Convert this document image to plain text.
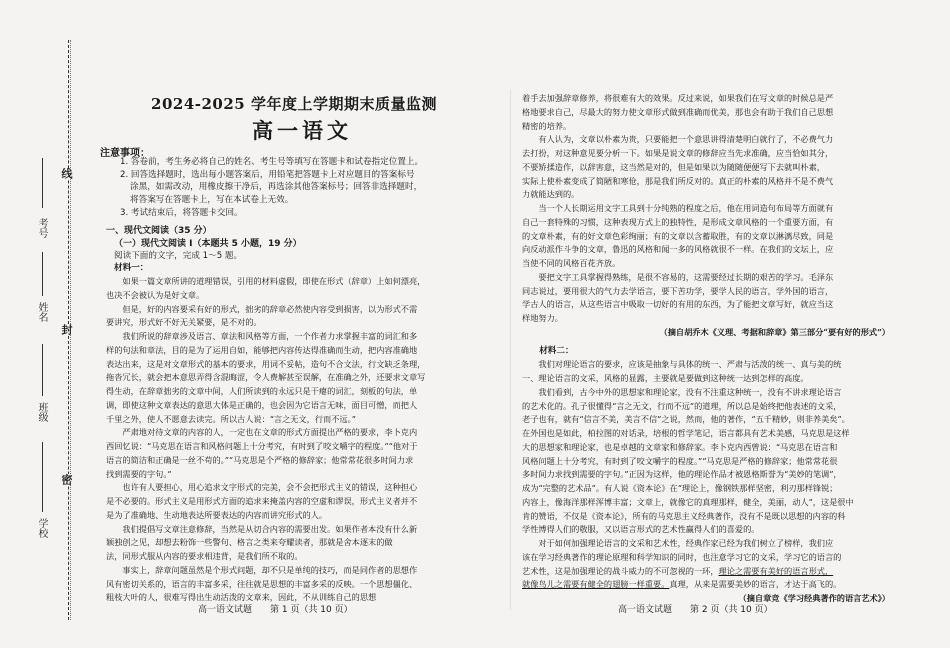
线
考号
姓名
封
班级
密
学校
2024-2025 学年度上学期期末质量监测
高一语文
注意事项：

1. 答卷前，考生务必将自己的姓名、考生号等填写在答题卡和试卷指定位置上。

2. 回答选择题时，选出每小题答案后，用铅笔把答题卡上对应题目的答案标号

涂黑，如需改动，用橡皮擦干净后，再选涂其他答案标号；回答非选择题时，

将答案写在答题卡上，写在本试卷上无效。

3. 考试结束后，将答题卡交回。

一、现代文阅读（35 分）
（一）现代文阅读 I（本题共 5 小题，19 分）
阅读下面的文字，完成 1～5 题。
材料一：

如果一篇文章所讲的道理错误，引用的材料虚假，即使在形式（辞章）上如何漂亮，

也决不会被认为是好文章。

但是，好的内容要采有好的形式，拙劣的辞章必然使内容受到损害，以为形式不需

要讲究，形式好不好无关紧要，是不对的。

我们所说的辞章涉及语言、章法和风格等方面，一个作者力求掌握丰富的词汇和多

样的句法和章法，目的是为了运用自如，能够把内容传达得准确而生动，把内容准确地

表达出来，这是对文章形式的基本的要求，用词不妥帖，造句不合文法，行文缺乏条理，

拖沓冗长，就会把本意思弄得含混晦涩，令人费解甚至误解，在准确之外，还要求文章写

得生动，在辞章拙劣的文章中间，人们所读到的永远只是干瘪的词汇，刻板的句法，单

调，即使这种文章表达的意思大体是正确的，也会因为它语言无味，面目可憎，而把人

千里之外，使人不愿意去读完。所以古人说：“言之无文，行而不远。”

严肃地对待文章的内容的人，一定也在文章的形式方面提出严格的要求，李卜克内

西回忆说：“马克思在语言和风格问题上十分考究，有时到了咬文嚼字的程度。”“他对于

语言的简洁和正确是一丝不苟的。”“马克思是个严格的修辞家；他常常花很多时间力求

找到需要的字句。”

也许有人要担心，用心追求文字形式的完美，会不会把形式主义的错误，这种担心

是不必要的。形式主义是用形式方面的追求来掩盖内容的空虚和谬误，形式主义者并不

是为了准确地、生动地表达所要表达的内容而讲究形式的人。

我们提倡写文章注意修辞，当然是从切合内容的需要出发。如果作者本没有什么新

颖独创之见，却想去粉饰一些警句、格言之类来夸耀读者，那就是舍本逐末的做

法，同形式服从内容的要求相违背，是我们所不取的。

事实上，辞章问题虽然是个形式问题，却不只是单纯的技巧，而是同作者的思想作

风有密切关系的，语言的丰富多采，往往就是思想的丰富多采的反映。一个思想僵化、

粗枝大叶的人，很难写得出生动活泼的文章来，因此，不从训练自己的思想

高一语文试题　　第 1 页（共 10 页）

着手去加强辞章修养，将很难有大的效果。反过来说，如果我们在写文章的时候总是严

格地要求自己，尽最大的努力使文章形式做到准确而优美，那也会有助于我们自己思想

精密的培养。

有人认为，文章以朴素为贵，只要能把一个意思讲得清楚明白就行了，不必费气力

去打扮，对这种意见要分析一下。如果是说文章的修辞应当先求准确，应当恰如其分，

不要矫揉造作，以辞害意，这当然是对的，但是如果以为随随便便写下去就叫朴素，

实际上使朴素变成了简陋和寒伧，那是我们所反对的。真正的朴素的风格并不是不费气

力就能达到的。

当一个人长期运用文字工具到十分纯熟的程度之后，他在用词造句布局等方面就有

自己一套特殊的习惯，这种表现方式上的独特性，是形成文章风格的一个重要方面，有

的文章朴素，有的好文章色彩绚丽；有的文章以含蓄取胜，有的文章以淋漓尽致，同是

向反动派作斗争的文章，鲁迅的风格和闻一多的风格就很不一样。在我们的文坛上，应

当使不同的风格百花齐放。

要把文字工具掌握得熟练，是很不容易的，这需要经过长期的艰苦的学习。毛泽东

同志说过，要用很大的气力去学语言，要下苦功学，要学人民的语言，学外国的语言，

学古人的语言，从这些语言中吸取一切好的有用的东西，为了能把文章写好，就应当这

样地努力。

（摘自胡乔木《义理、考据和辞章》第三部分“要有好的形式”）

材料二：

我们对理论语言的要求，应该是抽象与具体的统一、严肃与活泼的统一、真与美的统

一、理论语言的文采，风格的显露，主要就是要做到这种统一达到怎样的高度。

我们看到，古今中外的思想家和理论家，没有不注重这种统一，没有不讲求理论语言

的艺术化的。孔子很懂得“言之无文，行而不远”的道理，所以总是始终把他表述的文采，

老子也有，就有“信言不美，美言不信”之说，然而，他的著作，“五千精妙，则非养美矣”。

在外国也是如此，柏拉图的对话录，培根的哲学笔记，语言都具有艺术美感，马克思是这样

大的思想家和理论家，也是卓越的文章家和修辞家。李卜克内西曾说：“马克思在语言和

风格问题上十分考究，有时到了咬文嚼字的程度。”“马克思是严格的修辞家；他常常花很

多时间力求找到需要的字句。”正因为这样，他的理论作品才被恩格斯誉为“美妙的笔调”，

成为“完整的艺术品”。有人说《资本论》在“理论上，像钢铁那样坚密，利刃那样锋锐；

内容上，像海洋那样浑博丰富；文章上，就像它的真理那样，健全，美丽，动人”，这是很中

肯的赞语，不仅是《资本论》，所有的马克思主义经典著作，没有不是既以思想的内容的科

学性博得人们的敬服，又以语言形式的艺术性赢得人们的喜爱的。

对于如何加强理论语言的文采和艺术性，经典作家已经为我们树立了榜样，我们应

该在学习经典著作的理论原理和科学知识的同时，也注意学习它的文采，学习它的语言的

艺术性，这是加强理论的战斗威力的不可忽视的一环，理论之需要有美好的语言形式，

就像鸟儿之需要有健全的翅膀一样重要。真理，从来是需要美妙的语言，才达于高飞的。

（摘自章竞《学习经典著作的语言艺术》）

高一语文试题　　第 2 页（共 10 页）
